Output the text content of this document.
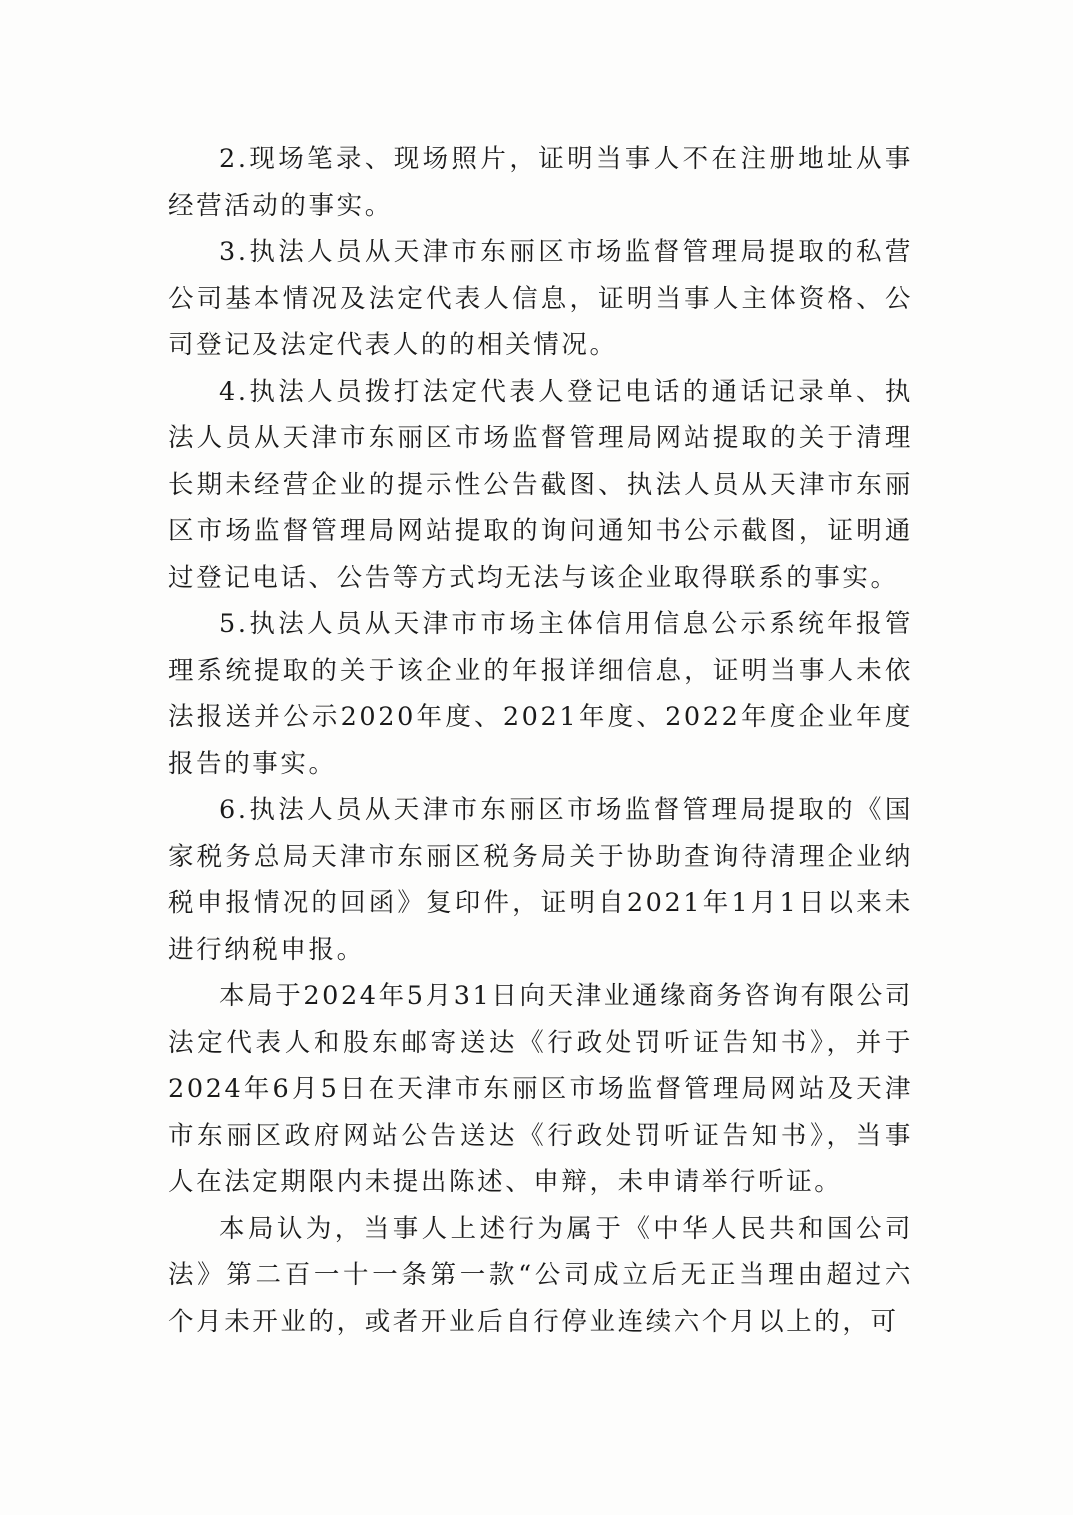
2.现场笔录、现场照片，证明当事人不在注册地址从事经营活动的事实。

3.执法人员从天津市东丽区市场监督管理局提取的私营公司基本情况及法定代表人信息，证明当事人主体资格、公司登记及法定代表人的的相关情况。

4.执法人员拨打法定代表人登记电话的通话记录单、执法人员从天津市东丽区市场监督管理局网站提取的关于清理长期未经营企业的提示性公告截图、执法人员从天津市东丽区市场监督管理局网站提取的询问通知书公示截图，证明通过登记电话、公告等方式均无法与该企业取得联系的事实。

5.执法人员从天津市市场主体信用信息公示系统年报管理系统提取的关于该企业的年报详细信息，证明当事人未依法报送并公示2020年度、2021年度、2022年度企业年度报告的事实。

6.执法人员从天津市东丽区市场监督管理局提取的《国家税务总局天津市东丽区税务局关于协助查询待清理企业纳税申报情况的回函》复印件，证明自2021年1月1日以来未进行纳税申报。

本局于2024年5月31日向天津业通缘商务咨询有限公司法定代表人和股东邮寄送达《行政处罚听证告知书》，并于2024年6月5日在天津市东丽区市场监督管理局网站及天津市东丽区政府网站公告送达《行政处罚听证告知书》，当事人在法定期限内未提出陈述、申辩，未申请举行听证。

本局认为，当事人上述行为属于《中华人民共和国公司法》第二百一十一条第一款“公司成立后无正当理由超过六个月未开业的，或者开业后自行停业连续六个月以上的，可
